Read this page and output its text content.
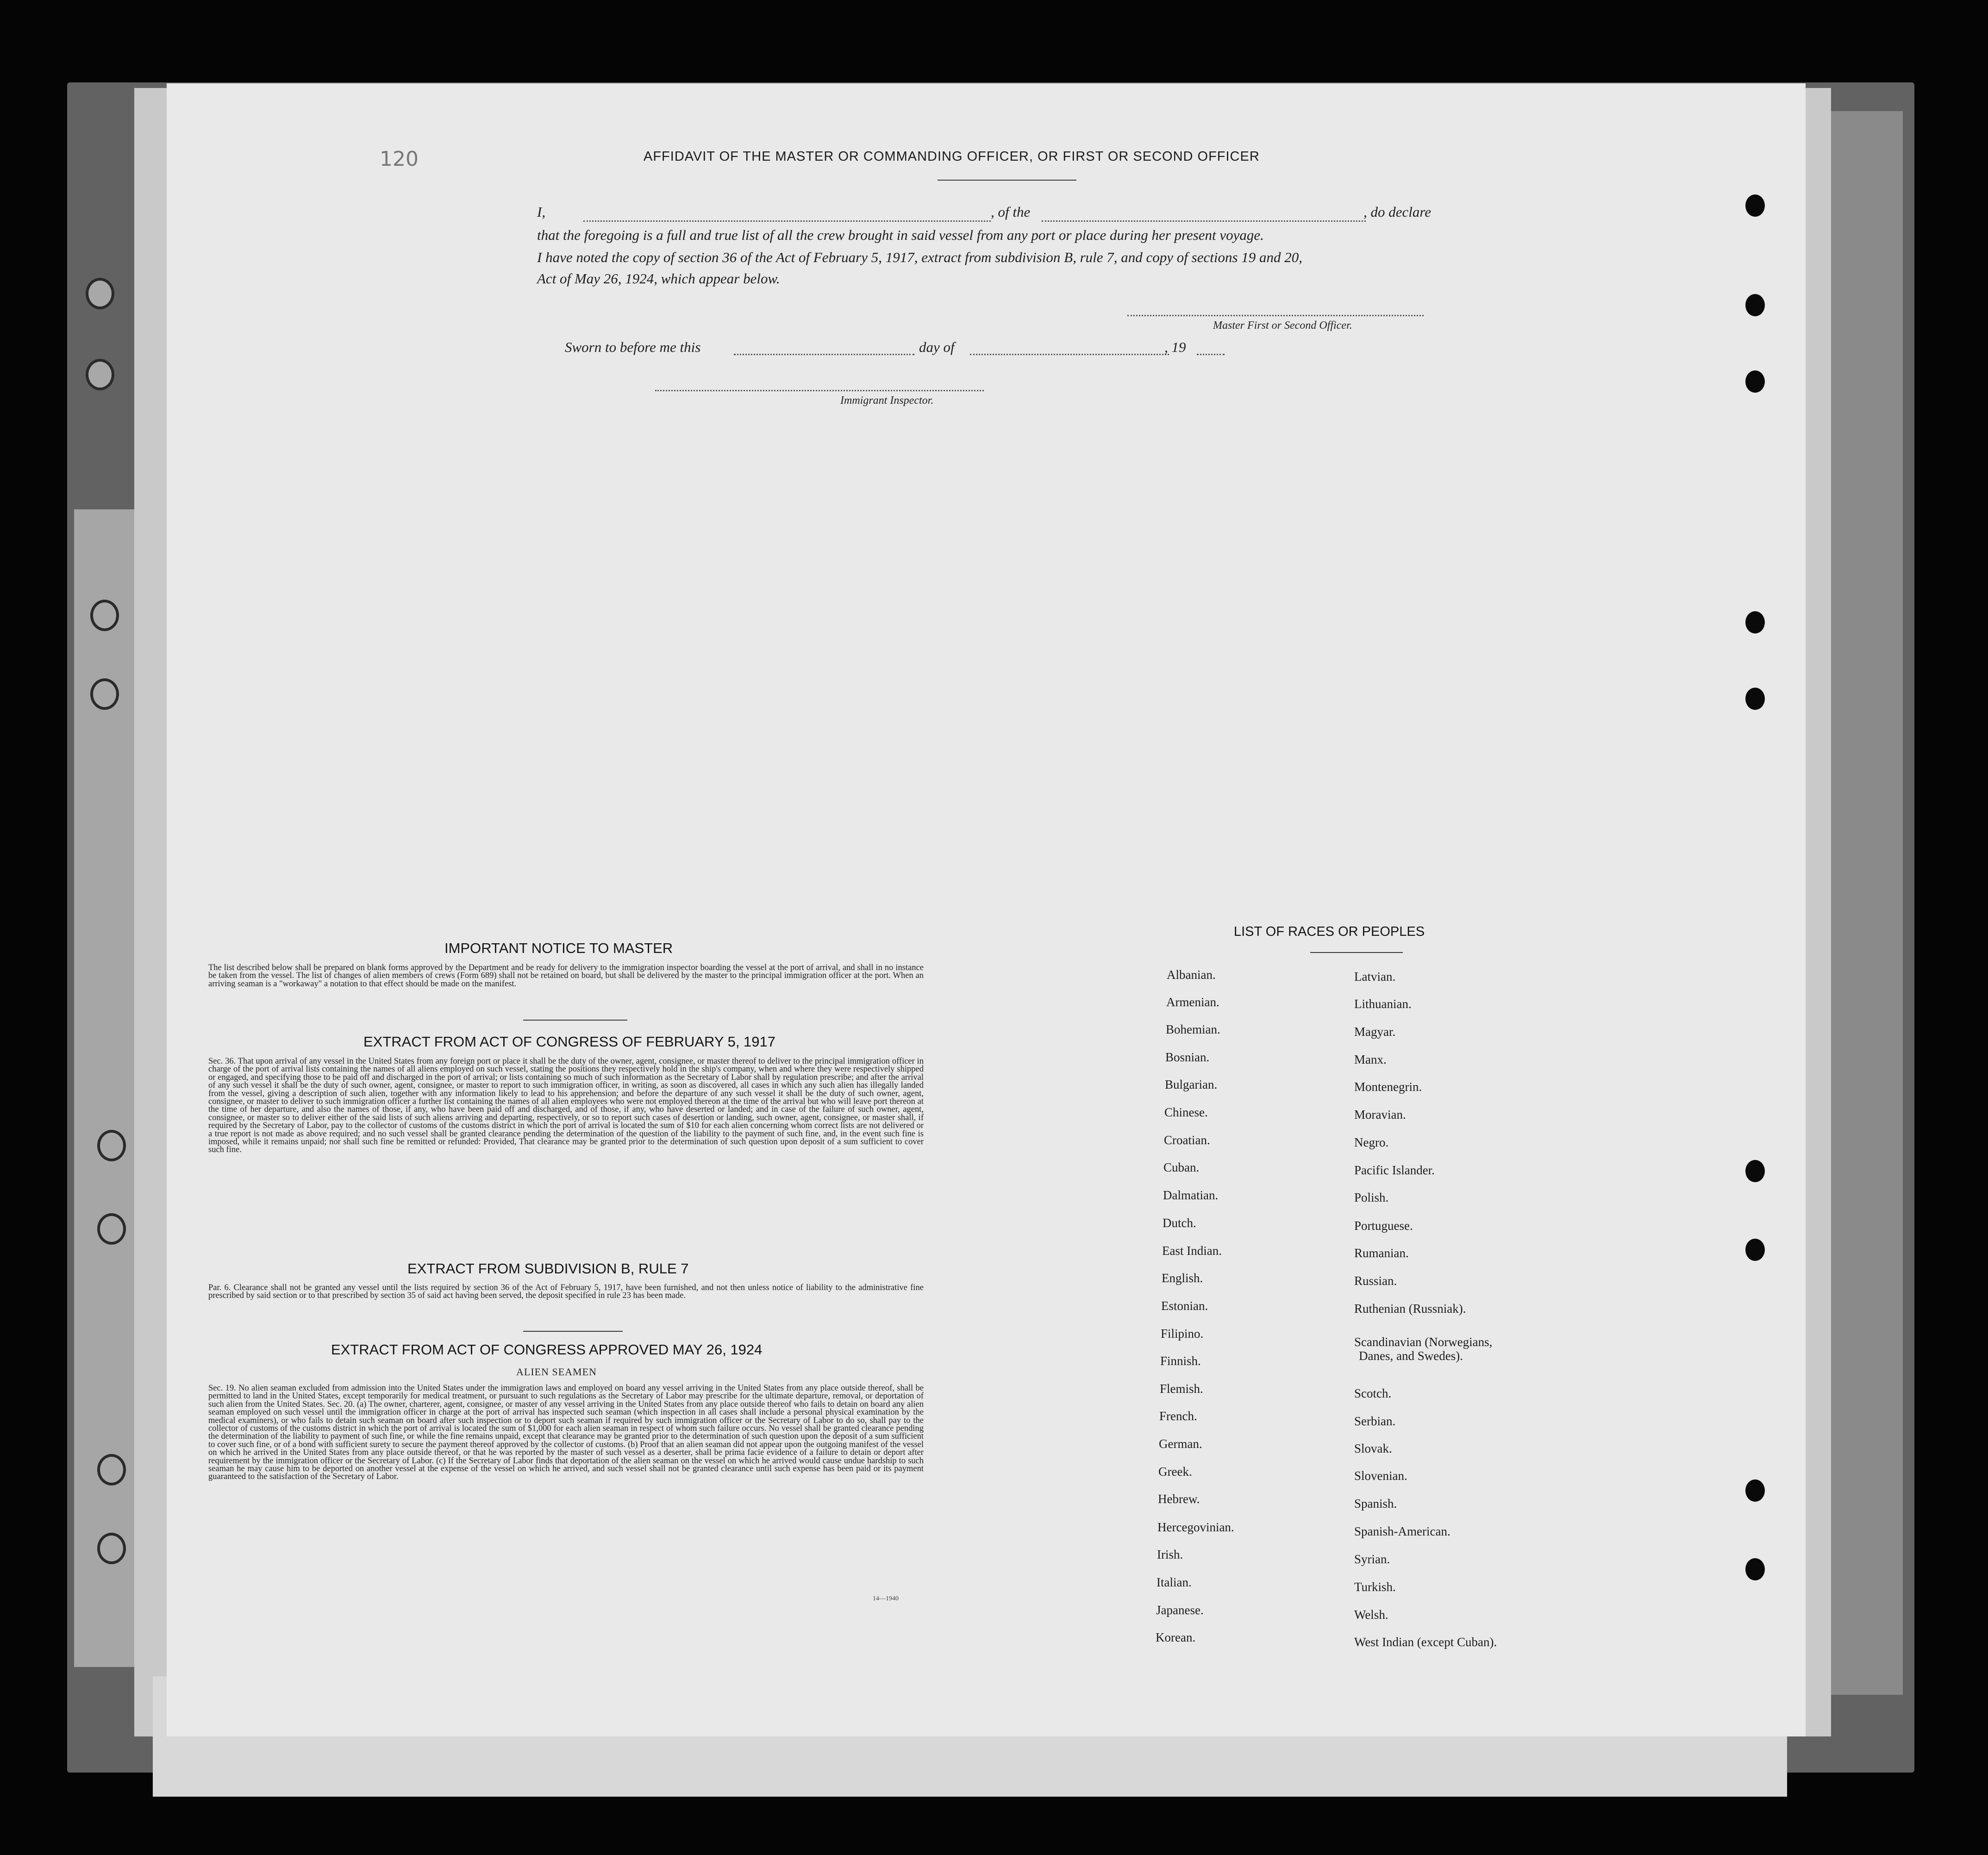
120	AFFIDAVIT OF THE MASTER OR COMMANDING OFFICER, OR FIRST OR SECOND OFFICER
I,	, of the	, do declare
that the foregoing is a full and true list of all the crew brought in said vessel from any port or place during her present voyage.
I have noted the copy of section 36 of the Act of February 5, 1917, extract from subdivision B, rule 7, and copy of sections 19 and 20,
Act of May 26, 1924, which appear below.
Master First or Second Officer.
Sworn to before me this	day of	, 19
Immigrant Inspector.
IMPORTANT NOTICE TO MASTER
The list described below shall be prepared on blank forms approved by the Department and be ready for delivery to the immigration inspector boarding the vessel at the port of arrival, and shall in no instance be taken from the vessel. The list of changes of alien members of crews (Form 689) shall not be retained on board, but shall be delivered by the master to the principal immigration officer at the port. When an arriving seaman is a "workaway" a notation to that effect should be made on the manifest.
EXTRACT FROM ACT OF CONGRESS OF FEBRUARY 5, 1917
Sec. 36. That upon arrival of any vessel in the United States from any foreign port or place it shall be the duty of the owner, agent, consignee, or master thereof to deliver to the principal immigration officer in charge of the port of arrival lists containing the names of all aliens employed on such vessel, stating the positions they respectively hold in the ship's company, when and where they were respectively shipped or engaged, and specifying those to be paid off and discharged in the port of arrival; or lists containing so much of such information as the Secretary of Labor shall by regulation prescribe; and after the arrival of any such vessel it shall be the duty of such owner, agent, consignee, or master to report to such immigration officer, in writing, as soon as discovered, all cases in which any such alien has illegally landed from the vessel, giving a description of such alien, together with any information likely to lead to his apprehension; and before the departure of any such vessel it shall be the duty of such owner, agent, consignee, or master to deliver to such immigration officer a further list containing the names of all alien employees who were not employed thereon at the time of the arrival but who will leave port thereon at the time of her departure, and also the names of those, if any, who have been paid off and discharged, and of those, if any, who have deserted or landed; and in case of the failure of such owner, agent, consignee, or master so to deliver either of the said lists of such aliens arriving and departing, respectively, or so to report such cases of desertion or landing, such owner, agent, consignee, or master shall, if required by the Secretary of Labor, pay to the collector of customs of the customs district in which the port of arrival is located the sum of $10 for each alien concerning whom correct lists are not delivered or a true report is not made as above required; and no such vessel shall be granted clearance pending the determination of the question of the liability to the payment of such fine, and, in the event such fine is imposed, while it remains unpaid; nor shall such fine be remitted or refunded: Provided, That clearance may be granted prior to the determination of such question upon deposit of a sum sufficient to cover such fine.
EXTRACT FROM SUBDIVISION B, RULE 7
Par. 6. Clearance shall not be granted any vessel until the lists required by section 36 of the Act of February 5, 1917, have been furnished, and not then unless notice of liability to the administrative fine prescribed by said section or to that prescribed by section 35 of said act having been served, the deposit specified in rule 23 has been made.
EXTRACT FROM ACT OF CONGRESS APPROVED MAY 26, 1924
ALIEN SEAMEN
Sec. 19. No alien seaman excluded from admission into the United States under the immigration laws and employed on board any vessel arriving in the United States from any place outside thereof, shall be permitted to land in the United States, except temporarily for medical treatment, or pursuant to such regulations as the Secretary of Labor may prescribe for the ultimate departure, removal, or deportation of such alien from the United States. Sec. 20. (a) The owner, charterer, agent, consignee, or master of any vessel arriving in the United States from any place outside thereof who fails to detain on board any alien seaman employed on such vessel until the immigration officer in charge at the port of arrival has inspected such seaman (which inspection in all cases shall include a personal physical examination by the medical examiners), or who fails to detain such seaman on board after such inspection or to deport such seaman if required by such immigration officer or the Secretary of Labor to do so, shall pay to the collector of customs of the customs district in which the port of arrival is located the sum of $1,000 for each alien seaman in respect of whom such failure occurs. No vessel shall be granted clearance pending the determination of the liability to payment of such fine, or while the fine remains unpaid, except that clearance may be granted prior to the determination of such question upon the deposit of a sum sufficient to cover such fine, or of a bond with sufficient surety to secure the payment thereof approved by the collector of customs. (b) Proof that an alien seaman did not appear upon the outgoing manifest of the vessel on which he arrived in the United States from any place outside thereof, or that he was reported by the master of such vessel as a deserter, shall be prima facie evidence of a failure to detain or deport after requirement by the immigration officer or the Secretary of Labor. (c) If the Secretary of Labor finds that deportation of the alien seaman on the vessel on which he arrived would cause undue hardship to such seaman he may cause him to be deported on another vessel at the expense of the vessel on which he arrived, and such vessel shall not be granted clearance until such expense has been paid or its payment guaranteed to the satisfaction of the Secretary of Labor.
14—1940
LIST OF RACES OR PEOPLES
Albanian.
Armenian.
Bohemian.
Bosnian.
Bulgarian.
Chinese.
Croatian.
Cuban.
Dalmatian.
Dutch.
East Indian.
English.
Estonian.
Filipino.
Finnish.
Flemish.
French.
German.
Greek.
Hebrew.
Hercegovinian.
Irish.
Italian.
Japanese.
Korean.
Latvian.
Lithuanian.
Magyar.
Manx.
Montenegrin.
Moravian.
Negro.
Pacific Islander.
Polish.
Portuguese.
Rumanian.
Russian.
Ruthenian (Russniak).
Scandinavian (Norwegians,
Danes, and Swedes).
Scotch.
Serbian.
Slovak.
Slovenian.
Spanish.
Spanish-American.
Syrian.
Turkish.
Welsh.
West Indian (except Cuban).
